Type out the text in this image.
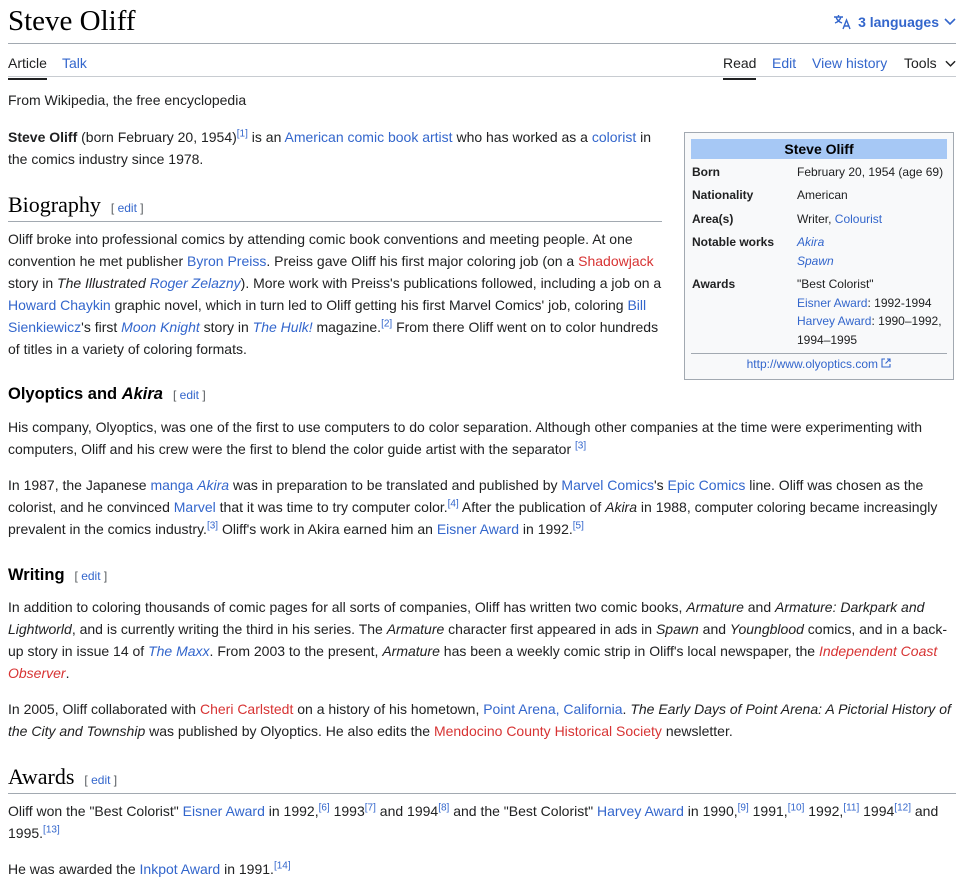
Steve Oliff	3 languages
Article Talk	Read Edit View history Tools
From Wikipedia, the free encyclopedia
Steve Oliff
Born	February 20, 1954 (age 69)
Nationality	American
Area(s)	Writer, Colourist
Notable works Akira
Spawn
Awards	"Best Colorist"
Eisner Award: 1992-1994
Harvey Award: 1990–1992,
1994–1995
http://www.olyoptics.com
Steve Oliff (born February 20, 1954)[1] is an American comic book artist who has worked as a colorist in the comics industry since 1978.
Biography [ edit ]
Oliff broke into professional comics by attending comic book conventions and meeting people. At one convention he met publisher Byron Preiss. Preiss gave Oliff his first major coloring job (on a Shadowjack story in The Illustrated Roger Zelazny). More work with Preiss's publications followed, including a job on a Howard Chaykin graphic novel, which in turn led to Oliff getting his first Marvel Comics' job, coloring Bill Sienkiewicz's first Moon Knight story in The Hulk! magazine.[2] From there Oliff went on to color hundreds of titles in a variety of coloring formats.
Olyoptics and Akira [ edit ]
His company, Olyoptics, was one of the first to use computers to do color separation. Although other companies at the time were experimenting with computers, Oliff and his crew were the first to blend the color guide artist with the separator [3]
In 1987, the Japanese manga Akira was in preparation to be translated and published by Marvel Comics's Epic Comics line. Oliff was chosen as the colorist, and he convinced Marvel that it was time to try computer color.[4] After the publication of Akira in 1988, computer coloring became increasingly prevalent in the comics industry.[3] Oliff's work in Akira earned him an Eisner Award in 1992.[5]
Writing [ edit ]
In addition to coloring thousands of comic pages for all sorts of companies, Oliff has written two comic books, Armature and Armature: Darkpark and Lightworld, and is currently writing the third in his series. The Armature character first appeared in ads in Spawn and Youngblood comics, and in a back-up story in issue 14 of The Maxx. From 2003 to the present, Armature has been a weekly comic strip in Oliff's local newspaper, the Independent Coast Observer.
In 2005, Oliff collaborated with Cheri Carlstedt on a history of his hometown, Point Arena, California. The Early Days of Point Arena: A Pictorial History of the City and Township was published by Olyoptics. He also edits the Mendocino County Historical Society newsletter.
Awards [ edit ]
Oliff won the "Best Colorist" Eisner Award in 1992,[6] 1993[7] and 1994[8] and the "Best Colorist" Harvey Award in 1990,[9] 1991,[10] 1992,[11] 1994[12] and 1995.[13]
He was awarded the Inkpot Award in 1991.[14]
